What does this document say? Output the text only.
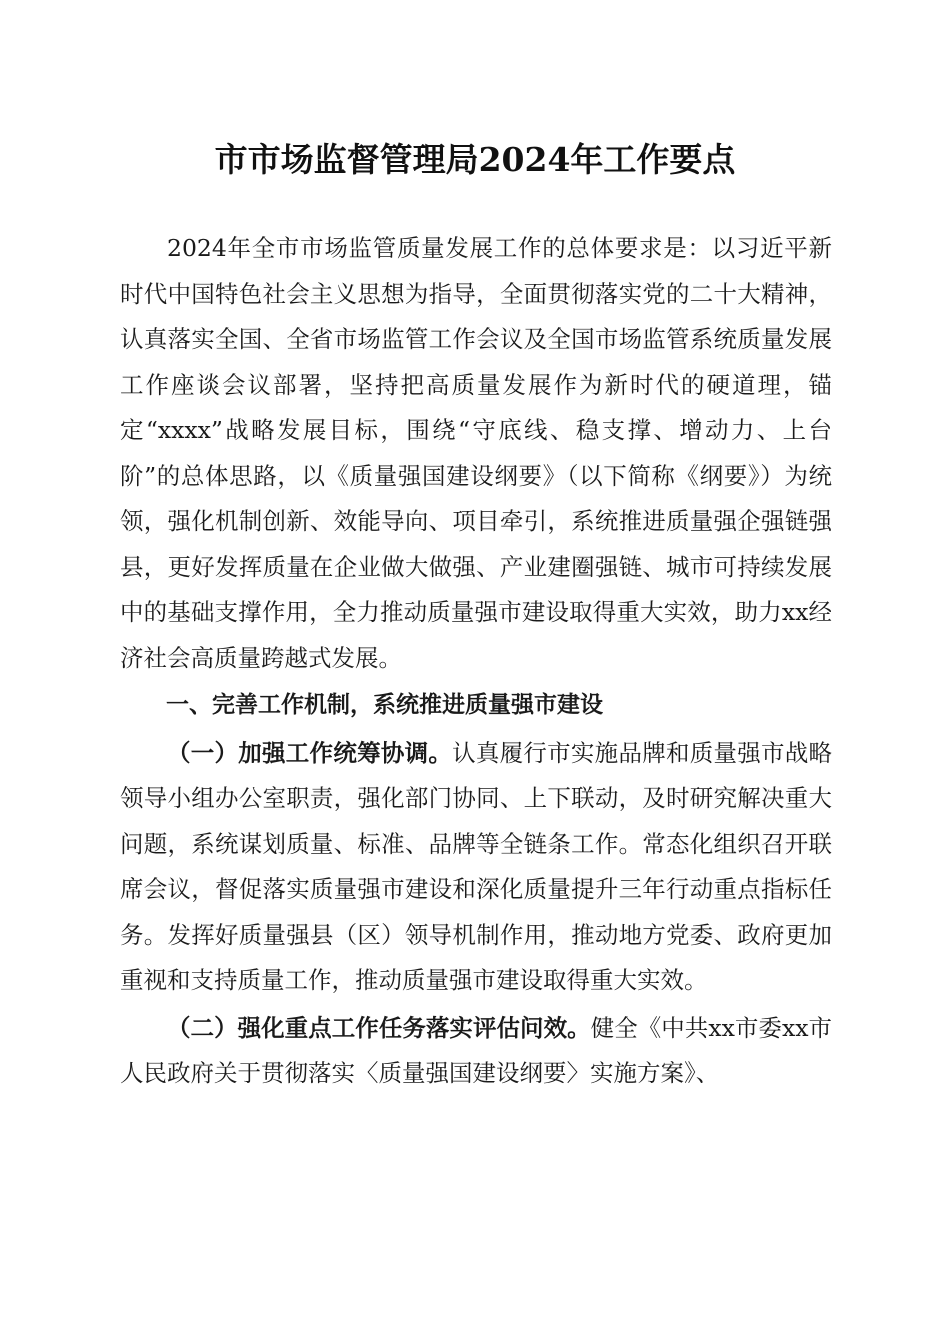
市市场监督管理局2024年工作要点

2024年全市市场监管质量发展工作的总体要求是：以习近平新时代中国特色社会主义思想为指导，全面贯彻落实党的二十大精神，认真落实全国、全省市场监管工作会议及全国市场监管系统质量发展工作座谈会议部署，坚持把高质量发展作为新时代的硬道理，锚定“xxxx”战略发展目标，围绕“守底线、稳支撑、增动力、上台阶”的总体思路，以《质量强国建设纲要》（以下简称《纲要》）为统领，强化机制创新、效能导向、项目牵引，系统推进质量强企强链强县，更好发挥质量在企业做大做强、产业建圈强链、城市可持续发展中的基础支撑作用，全力推动质量强市建设取得重大实效，助力xx经济社会高质量跨越式发展。

一、完善工作机制，系统推进质量强市建设

（一）加强工作统筹协调。认真履行市实施品牌和质量强市战略领导小组办公室职责，强化部门协同、上下联动，及时研究解决重大问题，系统谋划质量、标准、品牌等全链条工作。常态化组织召开联席会议，督促落实质量强市建设和深化质量提升三年行动重点指标任务。发挥好质量强县（区）领导机制作用，推动地方党委、政府更加重视和支持质量工作，推动质量强市建设取得重大实效。

（二）强化重点工作任务落实评估问效。健全《中共xx市委xx市人民政府关于贯彻落实〈质量强国建设纲要〉实施方案》、
